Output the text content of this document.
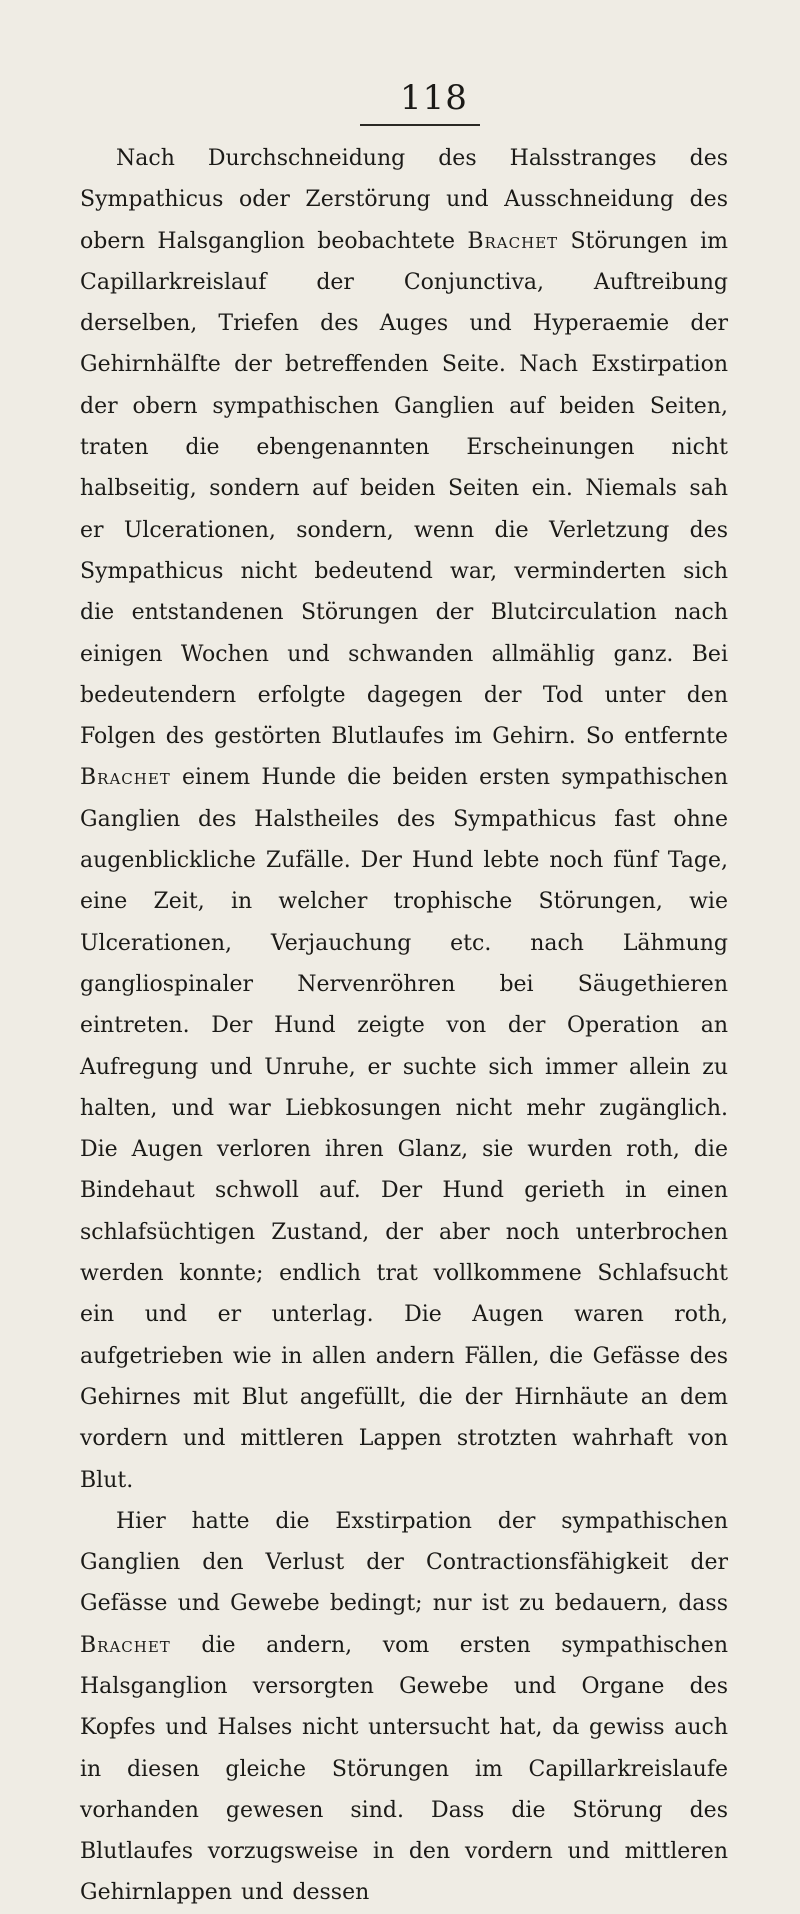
118

Nach Durchschneidung des Halsstranges des Sympathicus oder Zerstörung und Ausschneidung des obern Halsganglion beobachtete Brachet Störungen im Capillarkreislauf der Conjunctiva, Auftreibung derselben, Triefen des Auges und Hyperaemie der Gehirnhälfte der betreffenden Seite. Nach Exstirpation der obern sympathischen Ganglien auf beiden Seiten, traten die ebengenannten Erscheinungen nicht halbseitig, sondern auf beiden Seiten ein. Niemals sah er Ulcerationen, sondern, wenn die Verletzung des Sympathicus nicht bedeutend war, verminderten sich die entstandenen Störungen der Blutcirculation nach einigen Wochen und schwanden allmählig ganz. Bei bedeutendern erfolgte dagegen der Tod unter den Folgen des gestörten Blutlaufes im Gehirn. So entfernte Brachet einem Hunde die beiden ersten sympathischen Ganglien des Halstheiles des Sympathicus fast ohne augenblickliche Zufälle. Der Hund lebte noch fünf Tage, eine Zeit, in welcher trophische Störungen, wie Ulcerationen, Verjauchung etc. nach Lähmung gangliospinaler Nervenröhren bei Säugethieren eintreten. Der Hund zeigte von der Operation an Aufregung und Unruhe, er suchte sich immer allein zu halten, und war Liebkosungen nicht mehr zugänglich. Die Augen verloren ihren Glanz, sie wurden roth, die Bindehaut schwoll auf. Der Hund gerieth in einen schlafsüchtigen Zustand, der aber noch unterbrochen werden konnte; endlich trat vollkommene Schlafsucht ein und er unterlag. Die Augen waren roth, aufgetrieben wie in allen andern Fällen, die Gefässe des Gehirnes mit Blut angefüllt, die der Hirnhäute an dem vordern und mittleren Lappen strotzten wahrhaft von Blut.

Hier hatte die Exstirpation der sympathischen Ganglien den Verlust der Contractionsfähigkeit der Gefässe und Gewebe bedingt; nur ist zu bedauern, dass Brachet die andern, vom ersten sympathischen Halsganglion versorgten Gewebe und Organe des Kopfes und Halses nicht untersucht hat, da gewiss auch in diesen gleiche Störungen im Capillarkreislaufe vorhanden gewesen sind. Dass die Störung des Blutlaufes vorzugsweise in den vordern und mittleren Gehirnlappen und dessen
